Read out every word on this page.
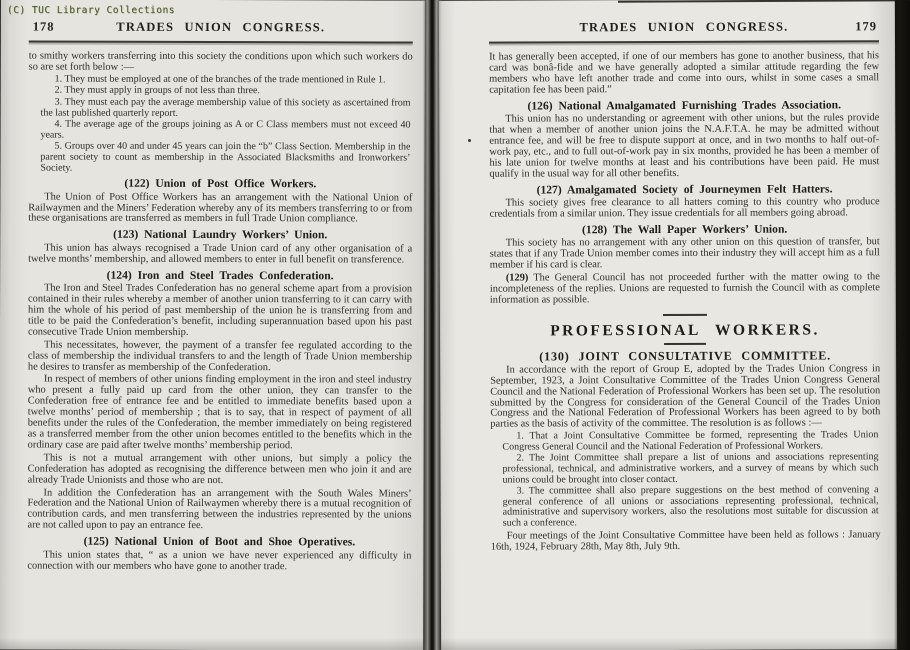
(C) TUC Library Collections
178	TRADES UNION CONGRESS.

to smithy workers transferring into this society the conditions upon which such workers do so are set forth below :—

1. They must be employed at one of the branches of the trade mentioned in Rule 1.

2. They must apply in groups of not less than three.

3. They must each pay the average membership value of this society as ascertained from the last published quarterly report.

4. The average age of the groups joining as A or C Class members must not exceed 40 years.

5. Groups over 40 and under 45 years can join the “b” Class Section. Membership in the parent society to count as membership in the Associated Blacksmiths and Ironworkers’ Society.

(122) Union of Post Office Workers.

The Union of Post Office Workers has an arrangement with the National Union of Railwaymen and the Miners’ Federation whereby any of its members transferring to or from these organisations are transferred as members in full Trade Union compliance.

(123) National Laundry Workers’ Union.

This union has always recognised a Trade Union card of any other organisation of a twelve months’ membership, and allowed members to enter in full benefit on transference.

(124) Iron and Steel Trades Confederation.

The Iron and Steel Trades Confederation has no general scheme apart from a provision contained in their rules whereby a member of another union transferring to it can carry with him the whole of his period of past membership of the union he is transferring from and title to be paid the Confederation’s benefit, including superannuation based upon his past consecutive Trade Union membership.

This necessitates, however, the payment of a transfer fee regulated according to the class of membership the individual transfers to and the length of Trade Union membership he desires to transfer as membership of the Confederation.

In respect of members of other unions finding employment in the iron and steel industry who present a fully paid up card from the other union, they can transfer to the Confederation free of entrance fee and be entitled to immediate benefits based upon a twelve months’ period of membership ; that is to say, that in respect of payment of all benefits under the rules of the Confederation, the member immediately on being registered as a transferred member from the other union becomes entitled to the benefits which in the ordinary case are paid after twelve months’ membership period.

This is not a mutual arrangement with other unions, but simply a policy the Confederation has adopted as recognising the difference between men who join it and are already Trade Unionists and those who are not.

In addition the Confederation has an arrangement with the South Wales Miners’ Federation and the National Union of Railwaymen whereby there is a mutual recognition of contribution cards, and men transferring between the industries represented by the unions are not called upon to pay an entrance fee.

(125) National Union of Boot and Shoe Operatives.

This union states that, “ as a union we have never experienced any difficulty in connection with our members who have gone to another trade.

TRADES UNION CONGRESS.	179

It has generally been accepted, if one of our members has gone to another business, that his card was bonâ-fide and we have generally adopted a similar attitude regarding the few members who have left another trade and come into ours, whilst in some cases a small capitation fee has been paid.”

(126) National Amalgamated Furnishing Trades Association.

This union has no understanding or agreement with other unions, but the rules provide that when a member of another union joins the N.A.F.T.A. he may be admitted without entrance fee, and will be free to dispute support at once, and in two months to half out-of-work pay, etc., and to full out-of-work pay in six months, provided he has been a member of his late union for twelve months at least and his contributions have been paid. He must qualify in the usual way for all other benefits.

(127) Amalgamated Society of Journeymen Felt Hatters.

This society gives free clearance to all hatters coming to this country who produce credentials from a similar union. They issue credentials for all members going abroad.

(128) The Wall Paper Workers’ Union.

This society has no arrangement with any other union on this question of transfer, but states that if any Trade Union member comes into their industry they will accept him as a full member if his card is clear.

(129) The General Council has not proceeded further with the matter owing to the incompleteness of the replies. Unions are requested to furnish the Council with as complete information as possible.

PROFESSIONAL WORKERS.

(130) JOINT CONSULTATIVE COMMITTEE.

In accordance with the report of Group E, adopted by the Trades Union Congress in September, 1923, a Joint Consultative Committee of the Trades Union Congress General Council and the National Federation of Professional Workers has been set up. The resolution submitted by the Congress for consideration of the General Council of the Trades Union Congress and the National Federation of Professional Workers has been agreed to by both parties as the basis of activity of the committee. The resolution is as follows :—

1. That a Joint Consultative Committee be formed, representing the Trades Union Congress General Council and the National Federation of Professional Workers.

2. The Joint Committee shall prepare a list of unions and associations representing professional, technical, and administrative workers, and a survey of means by which such unions could be brought into closer contact.

3. The committee shall also prepare suggestions on the best method of convening a general conference of all unions or associations representing professional, technical, administrative and supervisory workers, also the resolutions most suitable for discussion at such a conference.

Four meetings of the Joint Consultative Committee have been held as follows : January 16th, 1924, February 28th, May 8th, July 9th.
